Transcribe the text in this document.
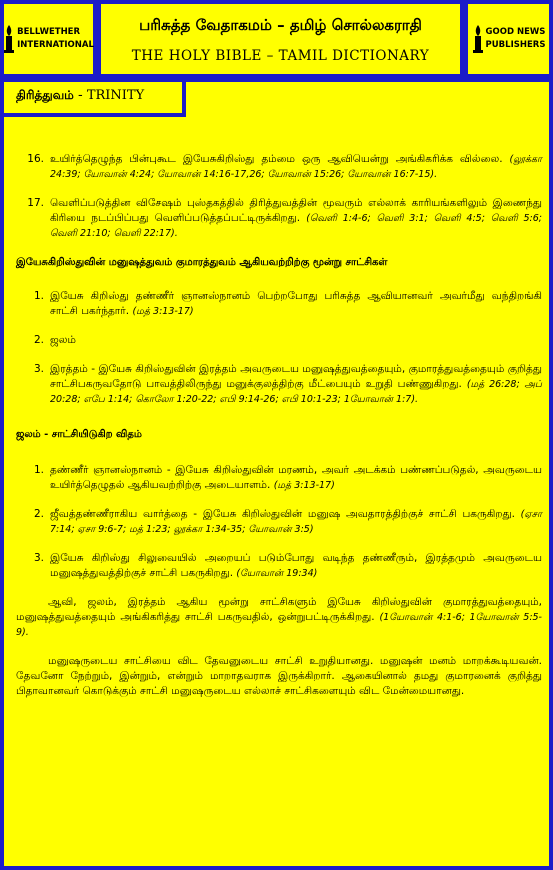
BELLWETHER
INTERNATIONAL
பரிசுத்த வேதாகமம் – தமிழ் சொல்லகராதி
THE HOLY BIBLE – TAMIL DICTIONARY
GOOD NEWS
PUBLISHERS
திரித்துவம் - TRINITY
16. உயிர்த்தெழுந்த பின்புகூட இயேசுகிறிஸ்து தம்மை ஒரு ஆவியென்று அங்கிகரிக்க வில்லை. (லூக்கா 24:39; யோவான் 4:24; யோவான் 14:16-17,26; யோவான் 15:26; யோவான் 16:7-15).
17. வெளிப்படுத்தின விசேஷம் புஸ்தகத்தில் திரித்துவத்தின் மூவரும் எல்லாக் காரியங்களிலும் இணைந்து கிரியை நடப்பிப்பது வெளிப்படுத்தப்பட்டிருக்கிறது. (வெளி 1:4-6; வெளி 3:1; வெளி 4:5; வெளி 5:6; வெளி 21:10; வெளி 22:17).
இயேசுகிறிஸ்துவின் மனுஷத்துவம் குமாரத்துவம் ஆகியவற்றிற்கு மூன்று சாட்சிகள்
1. இயேசு கிறிஸ்து தண்ணீர் ஞானஸ்நானம் பெற்றபோது பரிசுத்த ஆவியானவர் அவர்மீது வந்திறங்கி சாட்சி பகர்ந்தார். (மத் 3:13-17)
2. ஜலம்
3. இரத்தம் - இயேசு கிறிஸ்துவின் இரத்தம் அவருடைய மனுஷத்துவத்தையும், குமாரத்துவத்தையும் குறித்து சாட்சிபகருவதோடு பாவத்திலிருந்து மனுக்குலத்திற்கு மீட்பையும் உறுதி பண்ணுகிறது. (மத் 26:28; அப் 20:28; எபே 1:14; கொலோ 1:20-22; எபி 9:14-26; எபி 10:1-23; 1யோவான் 1:7).
ஜலம் - சாட்சியிடுகிற விதம்
1. தண்ணீர் ஞானஸ்நானம் - இயேசு கிறிஸ்துவின் மரணம், அவர் அடக்கம் பண்ணப்படுதல், அவருடைய உயிர்த்தெழுதல் ஆகியவற்றிற்கு அடையாளம். (மத் 3:13-17)
2. ஜீவத்தண்ணீராகிய வார்த்தை - இயேசு கிறிஸ்துவின் மனுஷ அவதாரத்திற்குச் சாட்சி பகருகிறது. (ஏசா 7:14; ஏசா 9:6-7; மத் 1:23; லூக்கா 1:34-35; யோவான் 3:5)
3. இயேசு கிறிஸ்து சிலுவையில் அறையப் படும்போது வடிந்த தண்ணீரும், இரத்தமும் அவருடைய மனுஷத்துவத்திற்குச் சாட்சி பகருகிறது. (யோவான் 19:34)
ஆவி, ஜலம், இரத்தம் ஆகிய மூன்று சாட்சிகளும் இயேசு கிறிஸ்துவின் குமாரத்துவத்தையும், மனுஷத்துவத்தையும் அங்கிகரித்து சாட்சி பகருவதில், ஒன்றுபட்டிருக்கிறது. (1யோவான் 4:1-6; 1யோவான் 5:5-9).
மனுஷருடைய சாட்சியை விட தேவனுடைய சாட்சி உறுதியானது. மனுஷன் மனம் மாறக்கூடியவன். தேவனோ நேற்றும், இன்றும், என்றும் மாறாதவராக இருக்கிறார். ஆகையினால் தமது குமாரனைக் குறித்து பிதாவானவர் கொடுக்கும் சாட்சி மனுஷருடைய எல்லாச் சாட்சிகளையும் விட மேன்மையானது.
